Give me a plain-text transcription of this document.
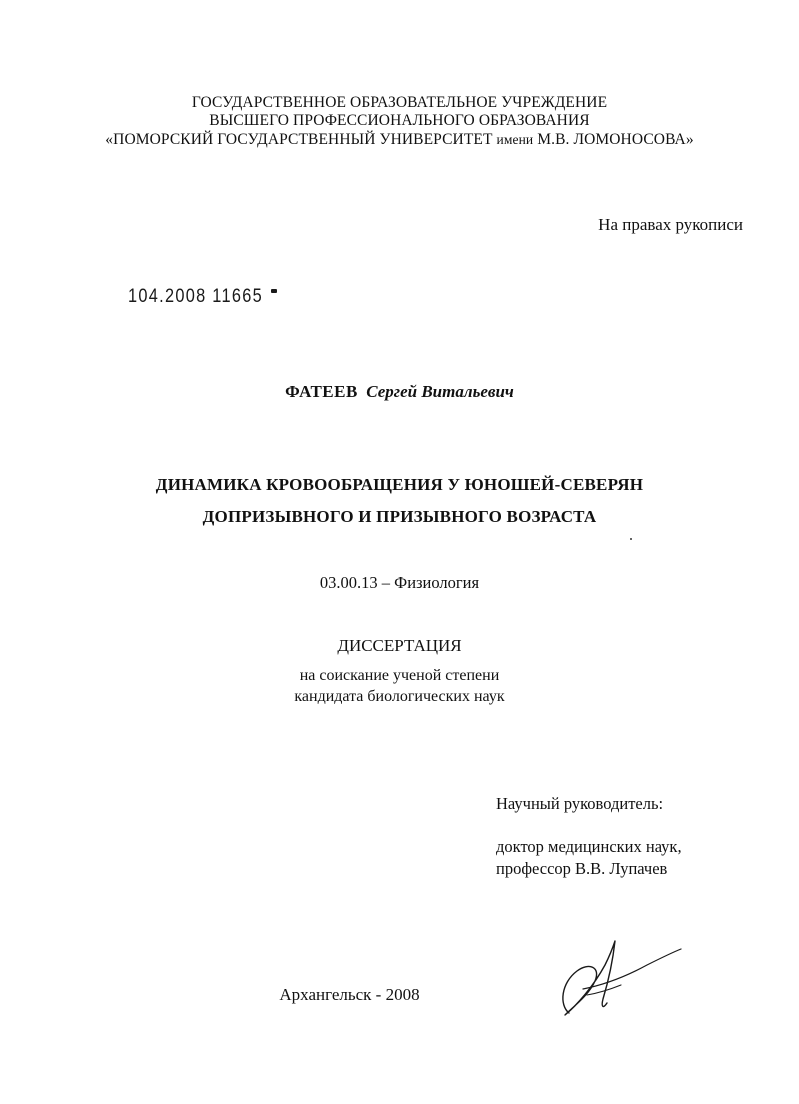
ГОСУДАРСТВЕННОЕ ОБРАЗОВАТЕЛЬНОЕ УЧРЕЖДЕНИЕ
ВЫСШЕГО ПРОФЕССИОНАЛЬНОГО ОБРАЗОВАНИЯ
«ПОМОРСКИЙ ГОСУДАРСТВЕННЫЙ УНИВЕРСИТЕТ имени М.В. ЛОМОНОСОВА»
На правах рукописи
104.2008 11665
ФАТЕЕВ Сергей Витальевич
ДИНАМИКА КРОВООБРАЩЕНИЯ У ЮНОШЕЙ-СЕВЕРЯН
ДОПРИЗЫВНОГО И ПРИЗЫВНОГО ВОЗРАСТА
03.00.13 – Физиология
ДИССЕРТАЦИЯ
на соискание ученой степени
кандидата биологических наук
Научный руководитель:
доктор медицинских наук,
профессор В.В. Лупачев
Архангельск - 2008
